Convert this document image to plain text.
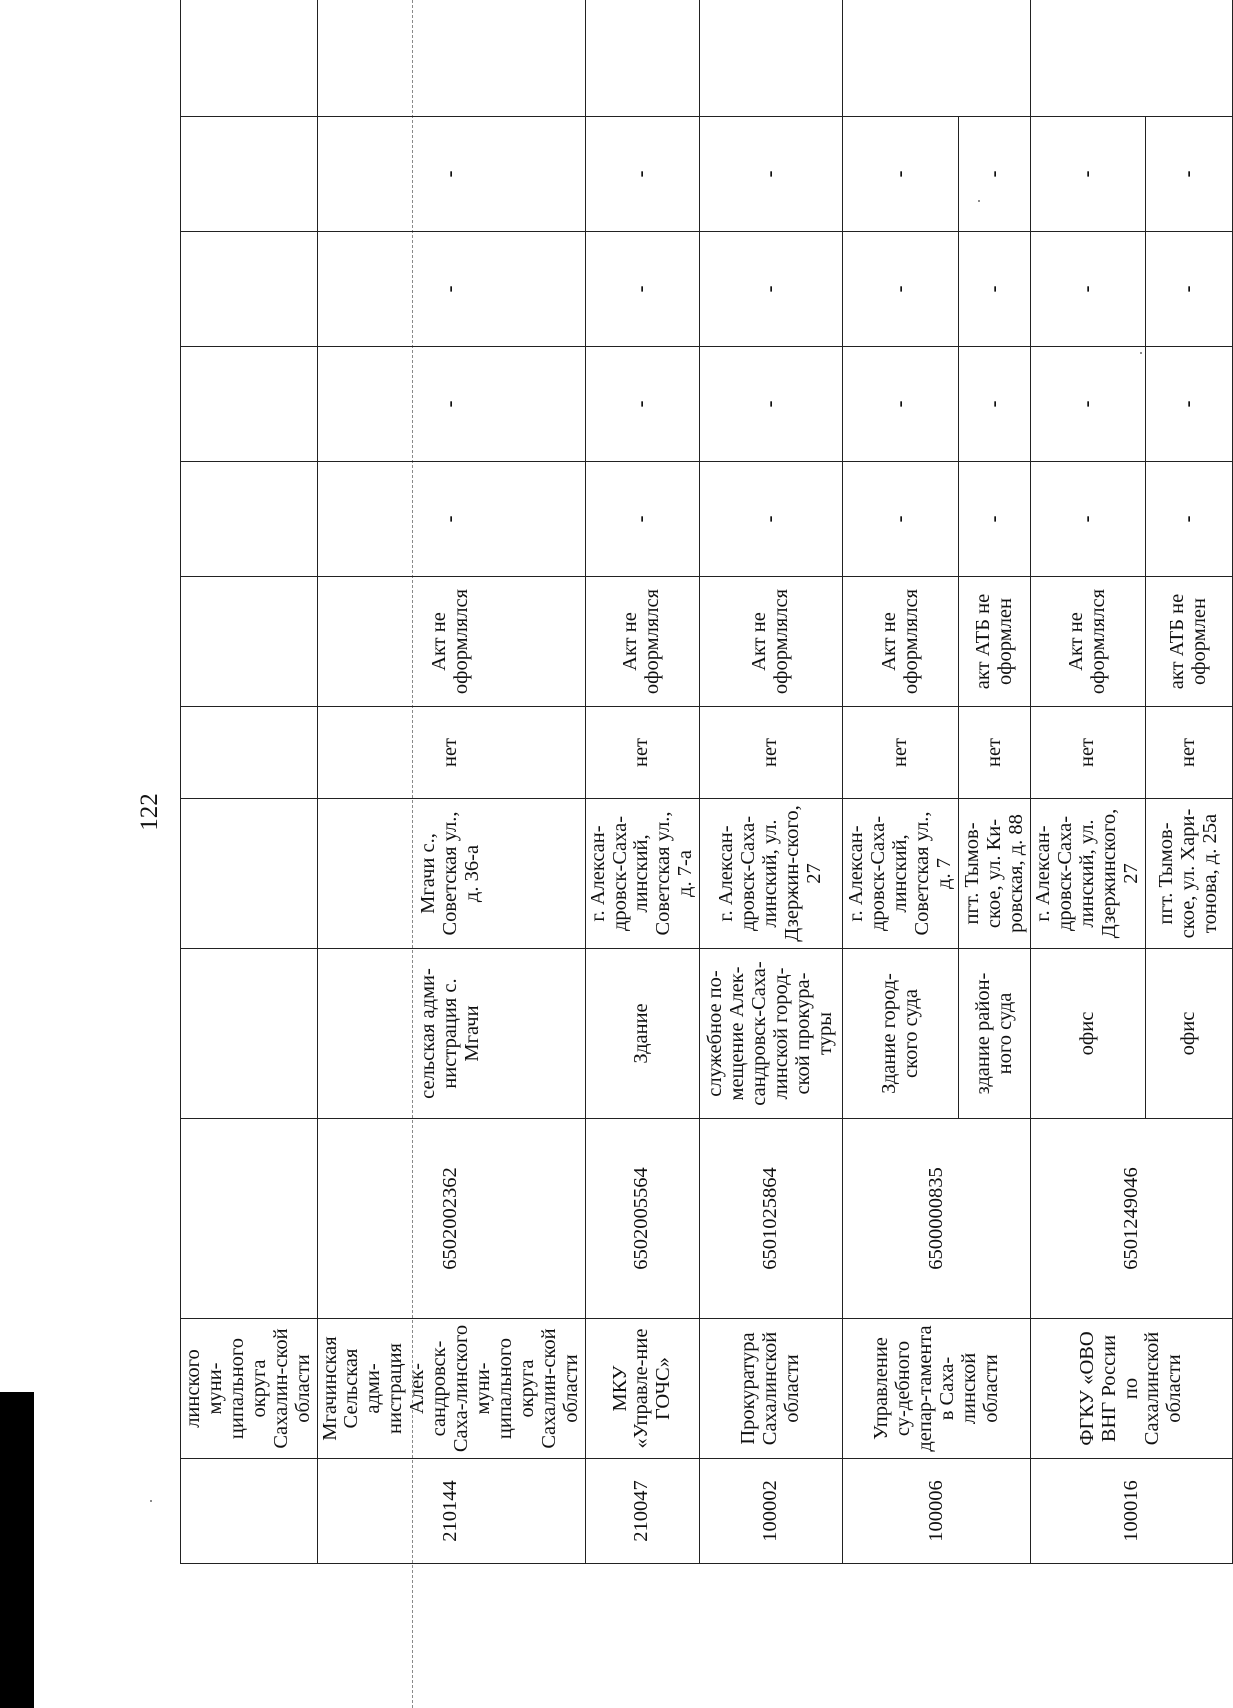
122
	линского муни-ципального округа Сахалин-ской области										
210144	Мгачинская Сельская адми-нистрация Алек-сандровск-Саха-линского муни-ципального округа Сахалин-ской области	6502002362	сельская адми-нистрация с. Мгачи	Мгачи с., Советская ул., д. 36-а	нет	Акт не оформлялся	-	-	-	-	
210047	МКУ «Управле-ние ГОЧС»	6502005564	Здание	г. Алексан-дровск-Саха-линский, Советская ул., д. 7-а	нет	Акт не оформлялся	-	-	-	-	
100002	Прокуратура Сахалинской области	6501025864	служебное по-мещение Алек-сандровск-Саха-линской город-ской прокура-туры	г. Алексан-дровск-Саха-линский, ул. Дзержин-ского, 27	нет	Акт не оформлялся	-	-	-	-	
100006	Управление су-дебного депар-тамента в Саха-линской области	6500000835	Здание город-ского суда	г. Алексан-дровск-Саха-линский, Советская ул., д. 7	нет	Акт не оформлялся	-	-	-	-	
			здание район-ного суда	пгт. Тымов-ское, ул. Ки-ровская, д. 88	нет	акт АТБ не оформлен	-	-	-	-	
100016	ФГКУ «ОВО ВНГ России по Сахалинской области	6501249046	офис	г. Алексан-дровск-Саха-линский, ул. Дзержинского, 27	нет	Акт не оформлялся	-	-	-	-	
			офис	пгт. Тымов-ское, ул. Хари-тонова, д. 25а	нет	акт АТБ не оформлен	-	-	-	-	
